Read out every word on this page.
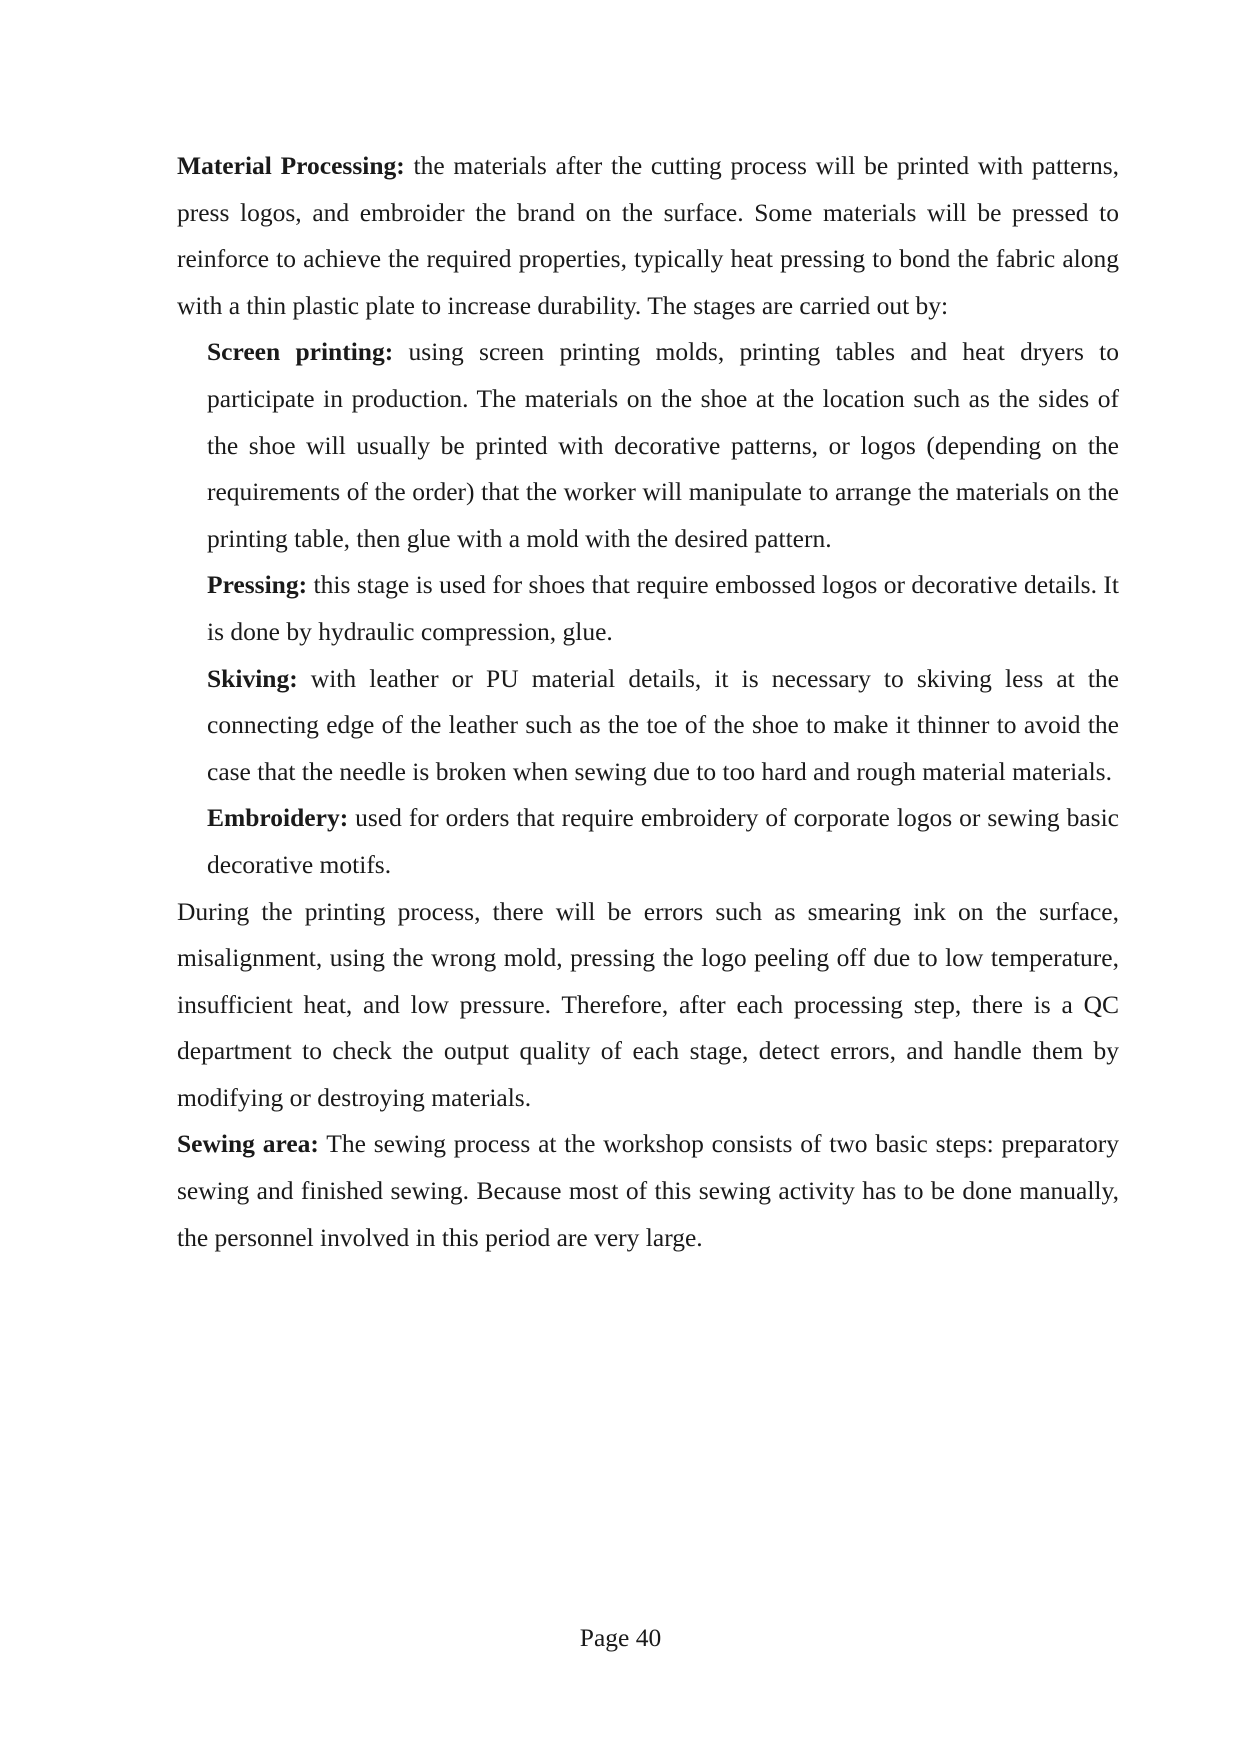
Material Processing: the materials after the cutting process will be printed with patterns, press logos, and embroider the brand on the surface. Some materials will be pressed to reinforce to achieve the required properties, typically heat pressing to bond the fabric along with a thin plastic plate to increase durability. The stages are carried out by:

Screen printing: using screen printing molds, printing tables and heat dryers to participate in production. The materials on the shoe at the location such as the sides of the shoe will usually be printed with decorative patterns, or logos (depending on the requirements of the order) that the worker will manipulate to arrange the materials on the printing table, then glue with a mold with the desired pattern.

Pressing: this stage is used for shoes that require embossed logos or decorative details. It is done by hydraulic compression, glue.

Skiving: with leather or PU material details, it is necessary to skiving less at the connecting edge of the leather such as the toe of the shoe to make it thinner to avoid the case that the needle is broken when sewing due to too hard and rough material materials.

Embroidery: used for orders that require embroidery of corporate logos or sewing basic decorative motifs.

During the printing process, there will be errors such as smearing ink on the surface, misalignment, using the wrong mold, pressing the logo peeling off due to low temperature, insufficient heat, and low pressure. Therefore, after each processing step, there is a QC department to check the output quality of each stage, detect errors, and handle them by modifying or destroying materials.

Sewing area: The sewing process at the workshop consists of two basic steps: preparatory sewing and finished sewing. Because most of this sewing activity has to be done manually, the personnel involved in this period are very large.

Page 40
